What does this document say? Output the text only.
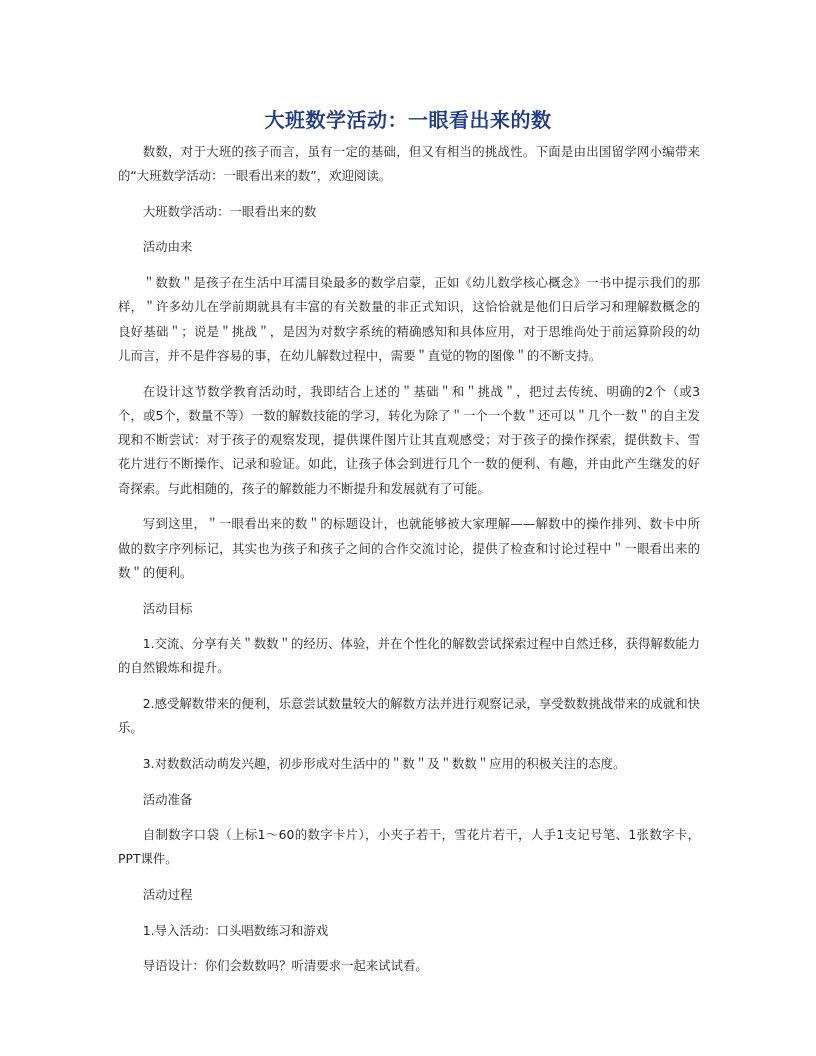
大班数学活动：一眼看出来的数

数数，对于大班的孩子而言，虽有一定的基础，但又有相当的挑战性。下面是由出国留学网小编带来的“大班数学活动：一眼看出来的数”，欢迎阅读。

大班数学活动：一眼看出来的数

活动由来

＂数数＂是孩子在生活中耳濡目染最多的数学启蒙，正如《幼儿数学核心概念》一书中提示我们的那样，＂许多幼儿在学前期就具有丰富的有关数量的非正式知识，这恰恰就是他们日后学习和理解数概念的良好基础＂；说是＂挑战＂，是因为对数字系统的精确感知和具体应用，对于思维尚处于前运算阶段的幼儿而言，并不是件容易的事，在幼儿解数过程中，需要＂直觉的物的图像＂的不断支持。

在设计这节数学教育活动时，我即结合上述的＂基础＂和＂挑战＂，把过去传统、明确的2个（或3个，或5个，数量不等）一数的解数技能的学习，转化为除了＂一个一个数＂还可以＂几个一数＂的自主发现和不断尝试：对于孩子的观察发现，提供课件图片让其直观感受；对于孩子的操作探索，提供数卡、雪花片进行不断操作、记录和验证。如此，让孩子体会到进行几个一数的便利、有趣，并由此产生继发的好奇探索。与此相随的，孩子的解数能力不断提升和发展就有了可能。

写到这里，＂一眼看出来的数＂的标题设计，也就能够被大家理解——解数中的操作排列、数卡中所做的数字序列标记，其实也为孩子和孩子之间的合作交流讨论，提供了检查和讨论过程中＂一眼看出来的数＂的便利。

活动目标

1.交流、分享有关＂数数＂的经历、体验，并在个性化的解数尝试探索过程中自然迁移，获得解数能力的自然锻炼和提升。

2.感受解数带来的便利，乐意尝试数量较大的解数方法并进行观察记录，享受数数挑战带来的成就和快乐。

3.对数数活动萌发兴趣，初步形成对生活中的＂数＂及＂数数＂应用的积极关注的态度。

活动准备

自制数字口袋（上标1～60的数字卡片），小夹子若干，雪花片若干，人手1支记号笔、1张数字卡，PPT课件。

活动过程

1.导入活动：口头唱数练习和游戏

导语设计：你们会数数吗？听清要求一起来试试看。
